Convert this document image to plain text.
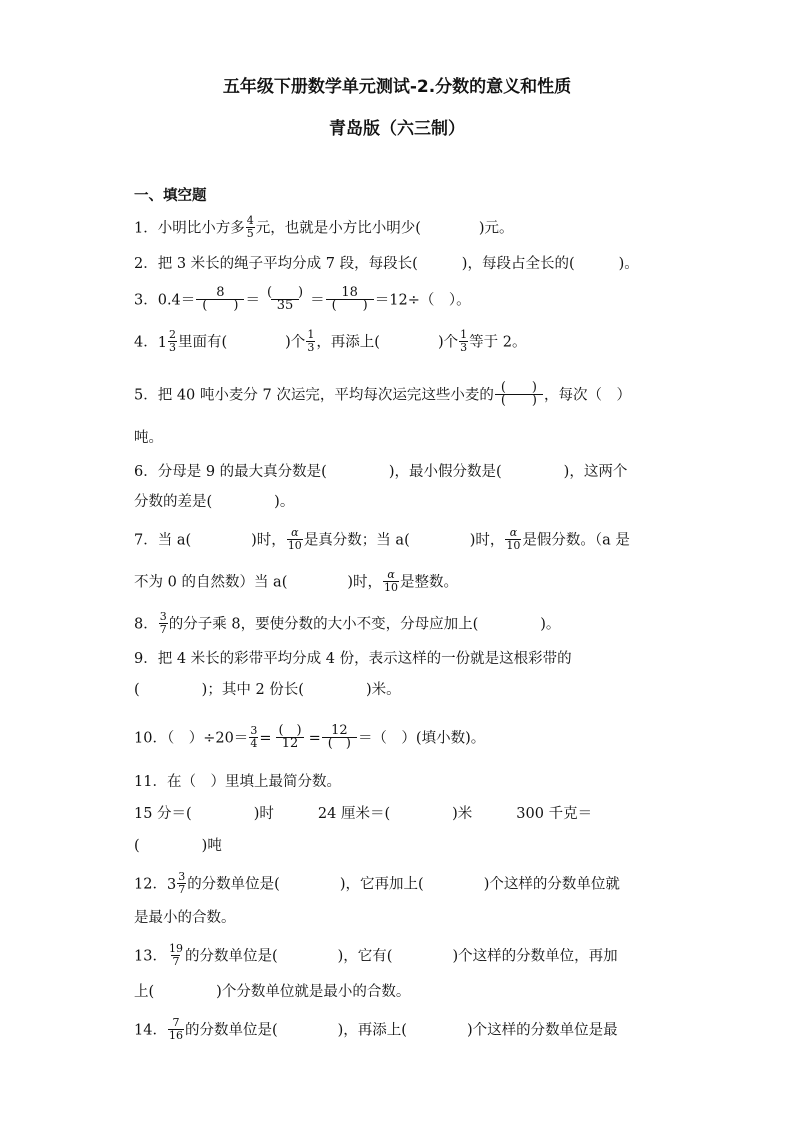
五年级下册数学单元测试-2.分数的意义和性质
青岛版（六三制）
一、填空题
1．小明比小方多 $\frac{4}{5}$ 元，也就是小方比小明少(	)元。
2．把 3 米长的绳子平均分成 7 段，每段长(	)，每段占全长的(	)。
3．$0.4= \frac{8}{( )} = \frac{( )}{35} = \frac{18}{( )} =12\div$（　）。
4． $1 \frac{2}{3}$ 里面有(	)个 $\frac{1}{3}$ ，再添上(	)个 $\frac{1}{3}$ 等于 2。
5．把 40 吨小麦分 7 次运完，平均每次运完这些小麦的 $\frac{( )}{( )}$ ，每次（　）
吨。
6．分母是 9 的最大真分数是(	)，最小假分数是(	)，这两个
分数的差是(	)。
7．当 a(	)时， $\frac{\alpha}{10}$ 是真分数；当 a(	)时， $\frac{\alpha}{10}$ 是假分数。（a 是
不为 0 的自然数）当 a(	)时， $\frac{\alpha}{10}$ 是整数。
8． $\frac{3}{7}$ 的分子乘 8，要使分数的大小不变，分母应加上(	)。
9．把 4 米长的彩带平均分成 4 份，表示这样的一份就是这根彩带的
(	)；其中 2 份长(	)米。
10．（　）$\div 20= \frac{3}{4} = \frac{( )}{12} = \frac{12}{( )}$ ＝（　）(填小数)。
11．在（　）里填上最简分数。
15 分＝(	)时	24 厘米＝(	)米	300 千克＝
(	)吨
12． $3 \frac{3}{7}$ 的分数单位是(	)，它再加上(	)个这样的分数单位就
是最小的合数。
13． $\frac{19}{7}$ 的分数单位是(	)，它有(	)个这样的分数单位，再加
上(	)个分数单位就是最小的合数。
14． $\frac{7}{16}$ 的分数单位是(	)，再添上(	)个这样的分数单位是最
